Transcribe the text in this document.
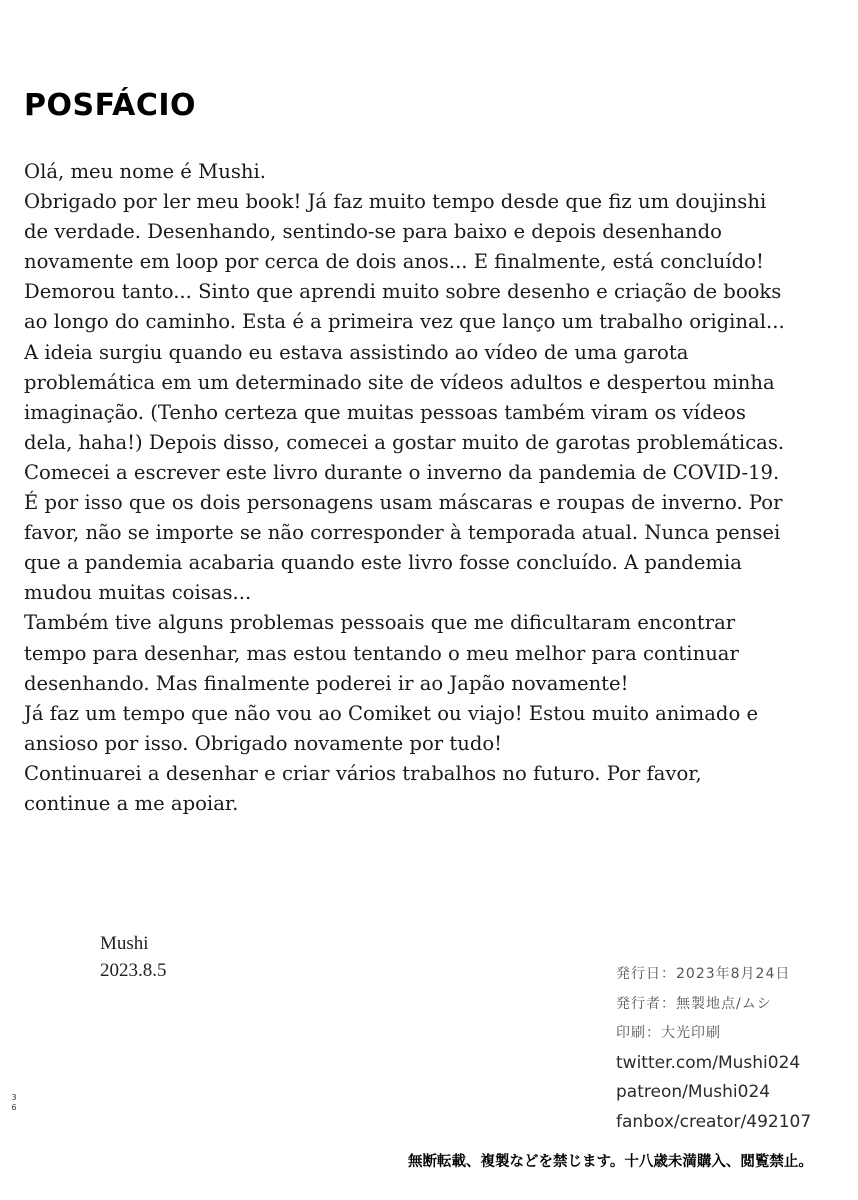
POSFÁCIO

Olá, meu nome é Mushi.

Obrigado por ler meu book! Já faz muito tempo desde que fiz um doujinshi

de verdade. Desenhando, sentindo-se para baixo e depois desenhando

novamente em loop por cerca de dois anos... E finalmente, está concluído!

Demorou tanto... Sinto que aprendi muito sobre desenho e criação de books

ao longo do caminho. Esta é a primeira vez que lanço um trabalho original...

A ideia surgiu quando eu estava assistindo ao vídeo de uma garota

problemática em um determinado site de vídeos adultos e despertou minha

imaginação. (Tenho certeza que muitas pessoas também viram os vídeos

dela, haha!) Depois disso, comecei a gostar muito de garotas problemáticas.

Comecei a escrever este livro durante o inverno da pandemia de COVID-19.

É por isso que os dois personagens usam máscaras e roupas de inverno. Por

favor, não se importe se não corresponder à temporada atual. Nunca pensei

que a pandemia acabaria quando este livro fosse concluído. A pandemia

mudou muitas coisas...

Também tive alguns problemas pessoais que me dificultaram encontrar

tempo para desenhar, mas estou tentando o meu melhor para continuar

desenhando. Mas finalmente poderei ir ao Japão novamente!

Já faz um tempo que não vou ao Comiket ou viajo! Estou muito animado e

ansioso por isso. Obrigado novamente por tudo!

Continuarei a desenhar e criar vários trabalhos no futuro. Por favor,

continue a me apoiar.

Mushi
2023.8.5	発行日：2023年8月24日
発行者：無製地点/ムシ
印刷：大光印刷
twitter.com/Mushi024
patreon/Mushi024
fanbox/creator/492107
36
無断転載、複製などを禁じます。十八歳未満購入、閲覧禁止。
